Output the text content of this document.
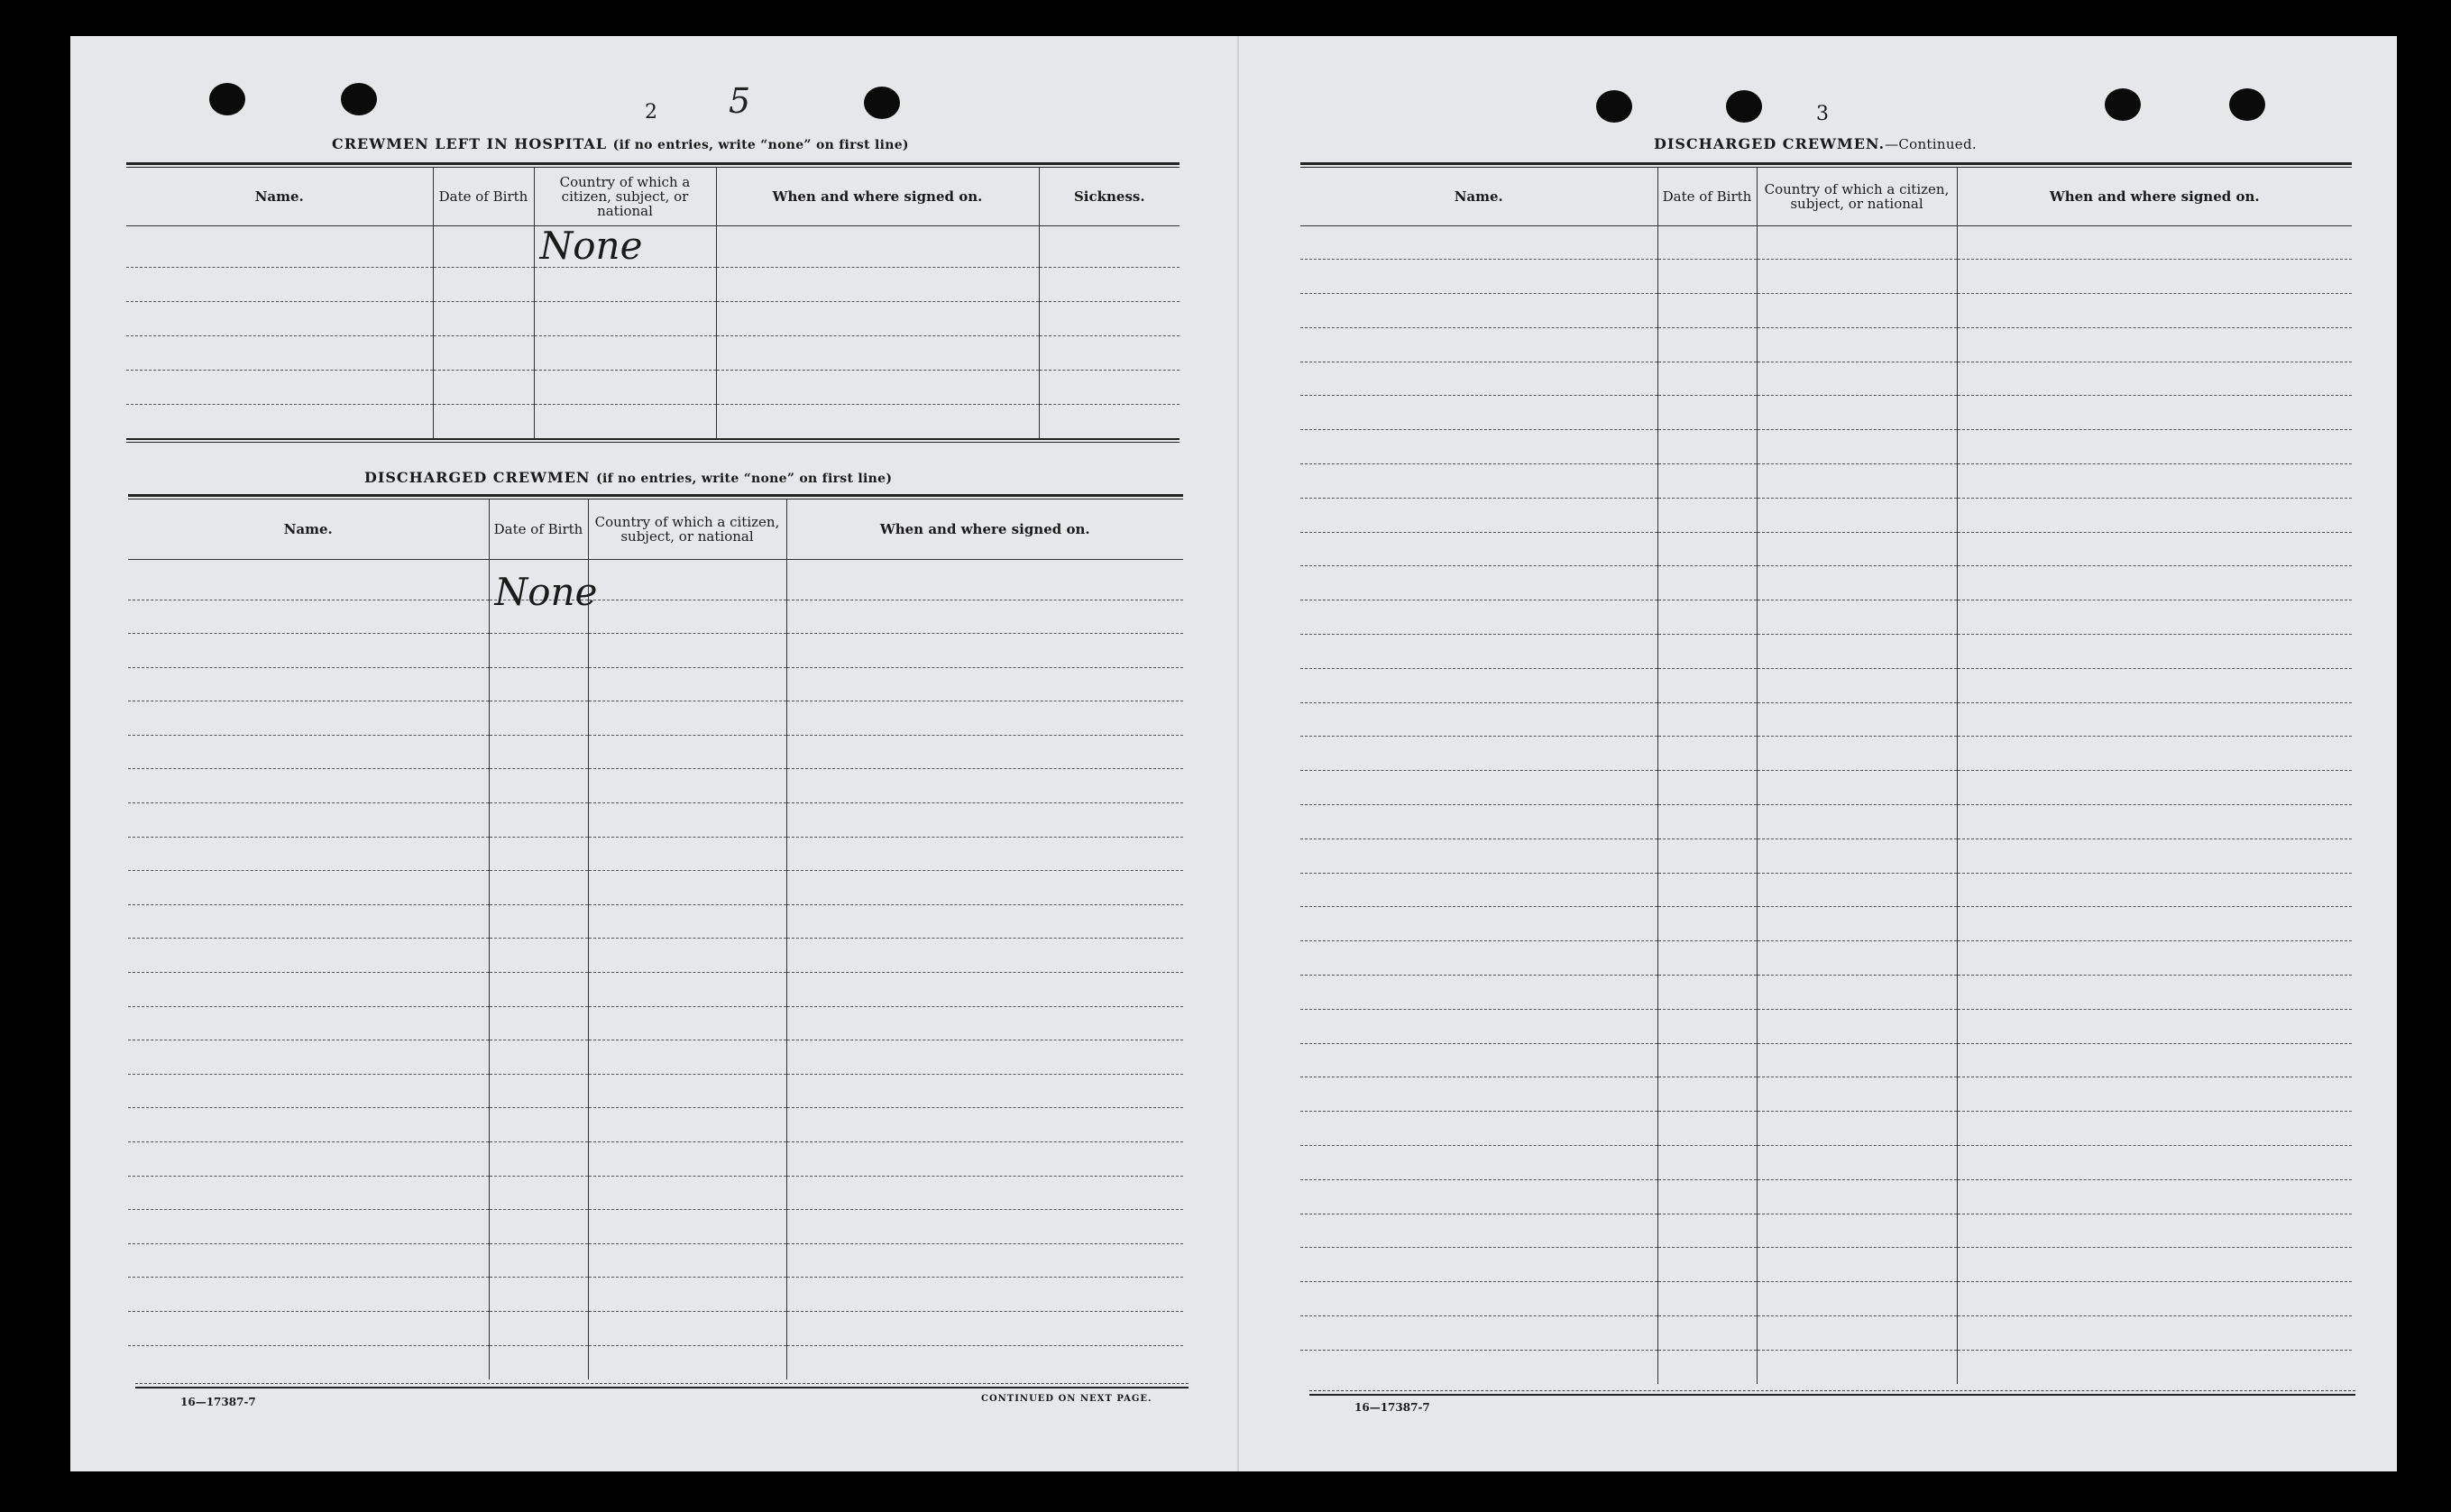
2 5
CREWMEN LEFT IN HOSPITAL (if no entries, write “none” on first line)
Name.	Date of Birth	Country of which a citizen, subject, or national	When and where signed on.	Sickness.

		None		

DISCHARGED CREWMEN (if no entries, write “none” on first line)
Name.	Date of Birth	Country of which a citizen, subject, or national	When and where signed on.

	None		

16—17387-7	CONTINUED ON NEXT PAGE.
3
DISCHARGED CREWMEN.—Continued.
Name.	Date of Birth	Country of which a citizen, subject, or national	When and where signed on.

16—17387-7
